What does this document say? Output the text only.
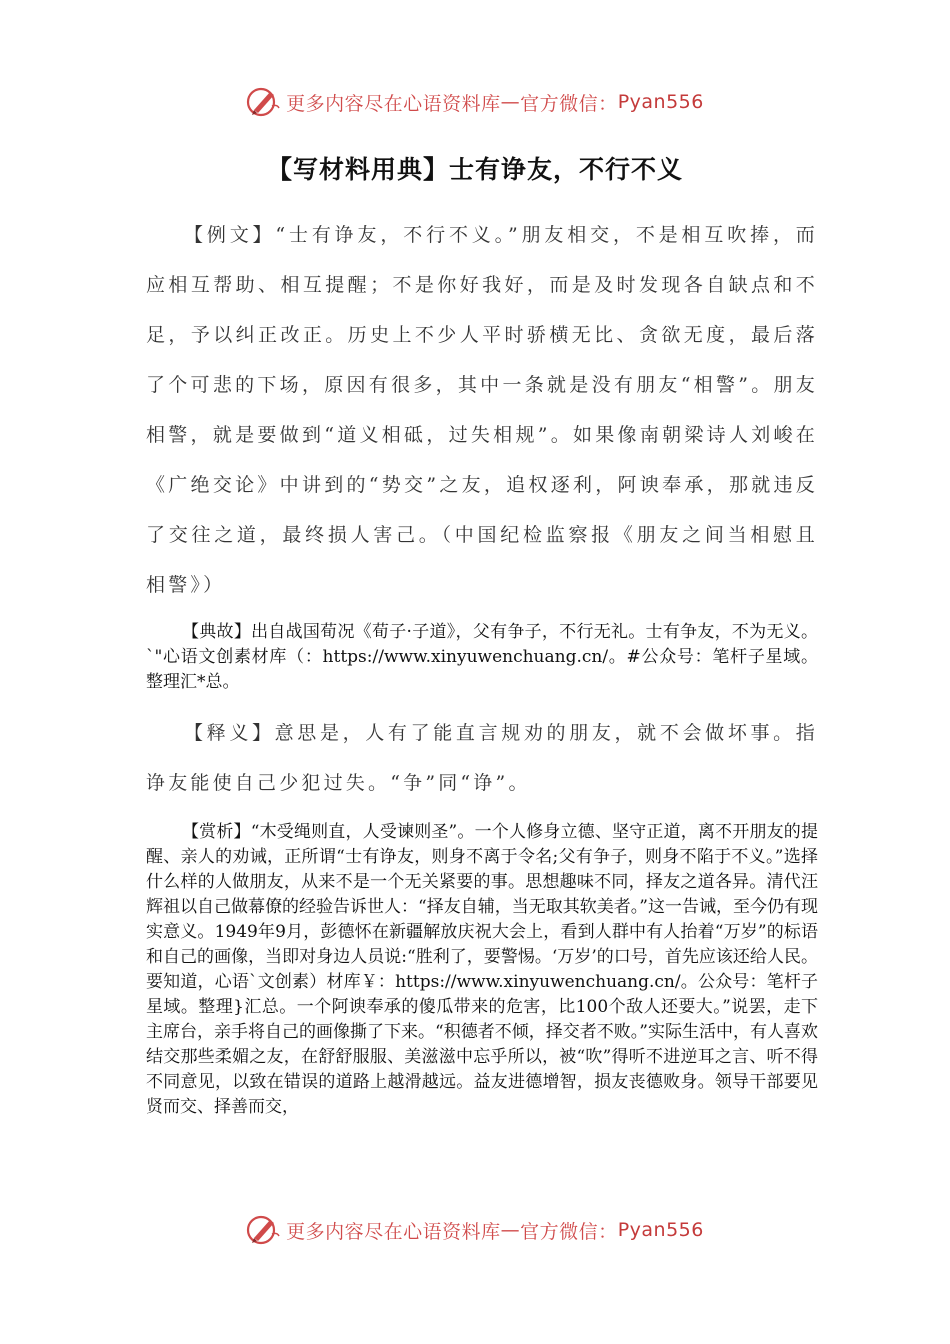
更多内容尽在心语资料库 — 官方微信： Pyan556
【写材料用典】士有诤友，不行不义

【例文】“士有诤友，不行不义。”朋友相交，不是相互吹捧，而应相互帮助、相互提醒；不是你好我好，而是及时发现各自缺点和不足，予以纠正改正。历史上不少人平时骄横无比、贪欲无度，最后落了个可悲的下场，原因有很多，其中一条就是没有朋友“相警”。朋友相警，就是要做到“道义相砥，过失相规”。如果像南朝梁诗人刘峻在《广绝交论》中讲到的“势交”之友，追权逐利，阿谀奉承，那就违反了交往之道，最终损人害己。（中国纪检监察报《朋友之间当相慰且相警》）

【典故】出自战国荀况《荀子·子道》，父有争子，不行无礼。士有争友，不为无义。`"心语文创素材库（：https://www.xinyuwenchuang.cn/。#公众号：笔杆子星域。整理汇*总。

【释义】意思是，人有了能直言规劝的朋友，就不会做坏事。指诤友能使自己少犯过失。“争”同“诤”。

【赏析】“木受绳则直，人受谏则圣”。一个人修身立德、坚守正道，离不开朋友的提醒、亲人的劝诫，正所谓“士有诤友，则身不离于令名;父有争子，则身不陷于不义。”选择什么样的人做朋友，从来不是一个无关紧要的事。思想趣味不同，择友之道各异。清代汪辉祖以自己做幕僚的经验告诉世人：“择友自辅，当无取其软美者。”这一告诫，至今仍有现实意义。1949年9月，彭德怀在新疆解放庆祝大会上，看到人群中有人抬着“万岁”的标语和自己的画像，当即对身边人员说:“胜利了，要警惕。‘万岁’的口号，首先应该还给人民。要知道，心语`文创素）材库￥：https://www.xinyuwenchuang.cn/。公众号：笔杆子星域。整理}汇总。一个阿谀奉承的傻瓜带来的危害，比100个敌人还要大。”说罢，走下主席台，亲手将自己的画像撕了下来。“积德者不倾，择交者不败。”实际生活中，有人喜欢结交那些柔媚之友，在舒舒服服、美滋滋中忘乎所以，被“吹”得听不进逆耳之言、听不得不同意见，以致在错误的道路上越滑越远。益友进德增智，损友丧德败身。领导干部要见贤而交、择善而交，

更多内容尽在心语资料库 — 官方微信： Pyan556
